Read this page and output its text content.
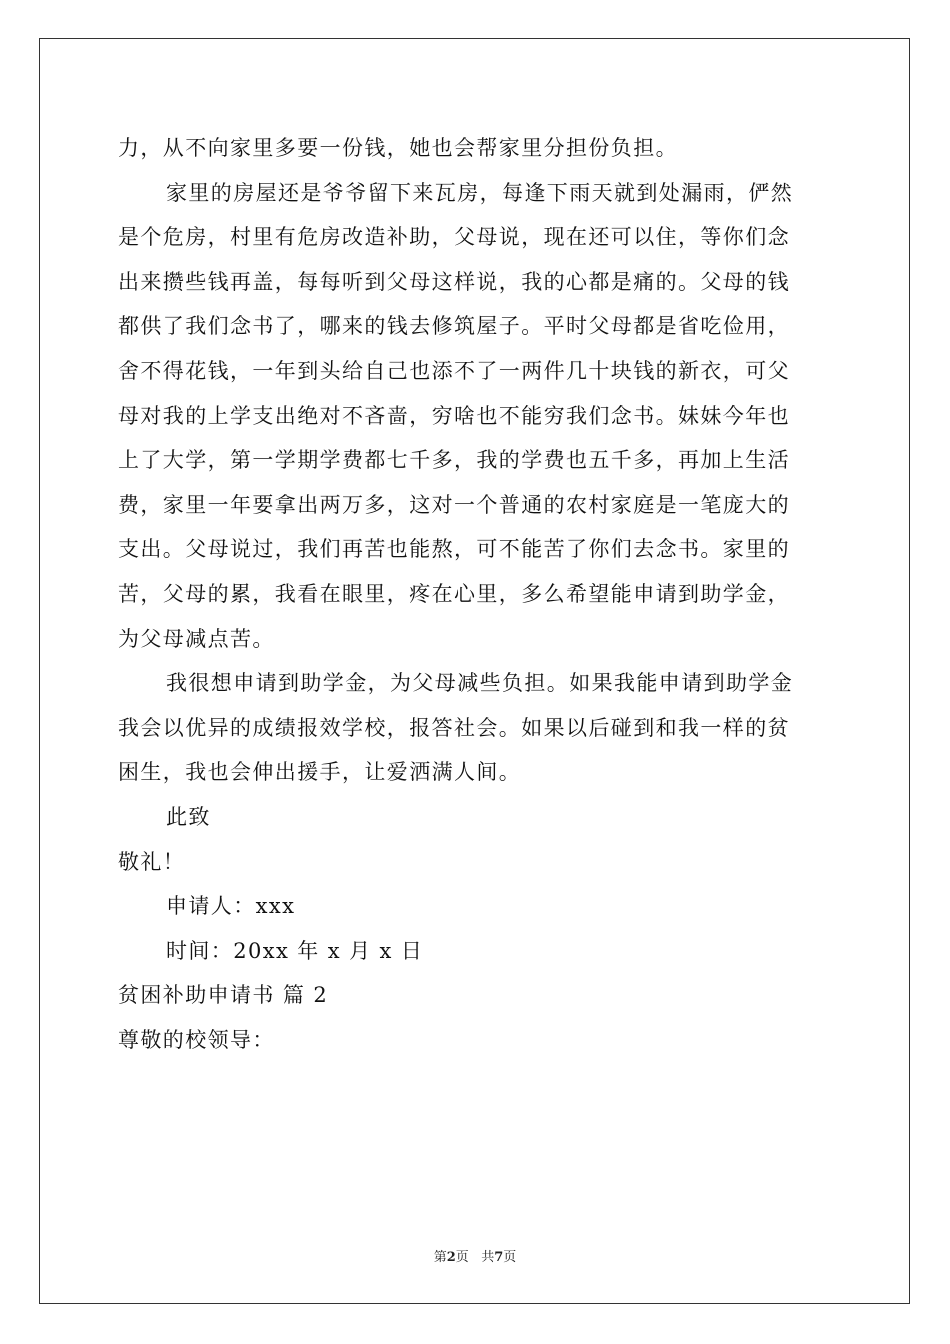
力，从不向家里多要一份钱，她也会帮家里分担份负担。
家里的房屋还是爷爷留下来瓦房，每逢下雨天就到处漏雨，俨然
是个危房，村里有危房改造补助，父母说，现在还可以住，等你们念
出来攒些钱再盖，每每听到父母这样说，我的心都是痛的。父母的钱
都供了我们念书了，哪来的钱去修筑屋子。平时父母都是省吃俭用，
舍不得花钱，一年到头给自己也添不了一两件几十块钱的新衣，可父
母对我的上学支出绝对不吝啬，穷啥也不能穷我们念书。妹妹今年也
上了大学，第一学期学费都七千多，我的学费也五千多，再加上生活
费，家里一年要拿出两万多，这对一个普通的农村家庭是一笔庞大的
支出。父母说过，我们再苦也能熬，可不能苦了你们去念书。家里的
苦，父母的累，我看在眼里，疼在心里，多么希望能申请到助学金，
为父母减点苦。
我很想申请到助学金，为父母减些负担。如果我能申请到助学金
我会以优异的成绩报效学校，报答社会。如果以后碰到和我一样的贫
困生，我也会伸出援手，让爱洒满人间。
此致
敬礼！
申请人：xxx
时间：20xx 年 x 月 x 日
贫困补助申请书 篇 2
尊敬的校领导：
第2页 共7页
